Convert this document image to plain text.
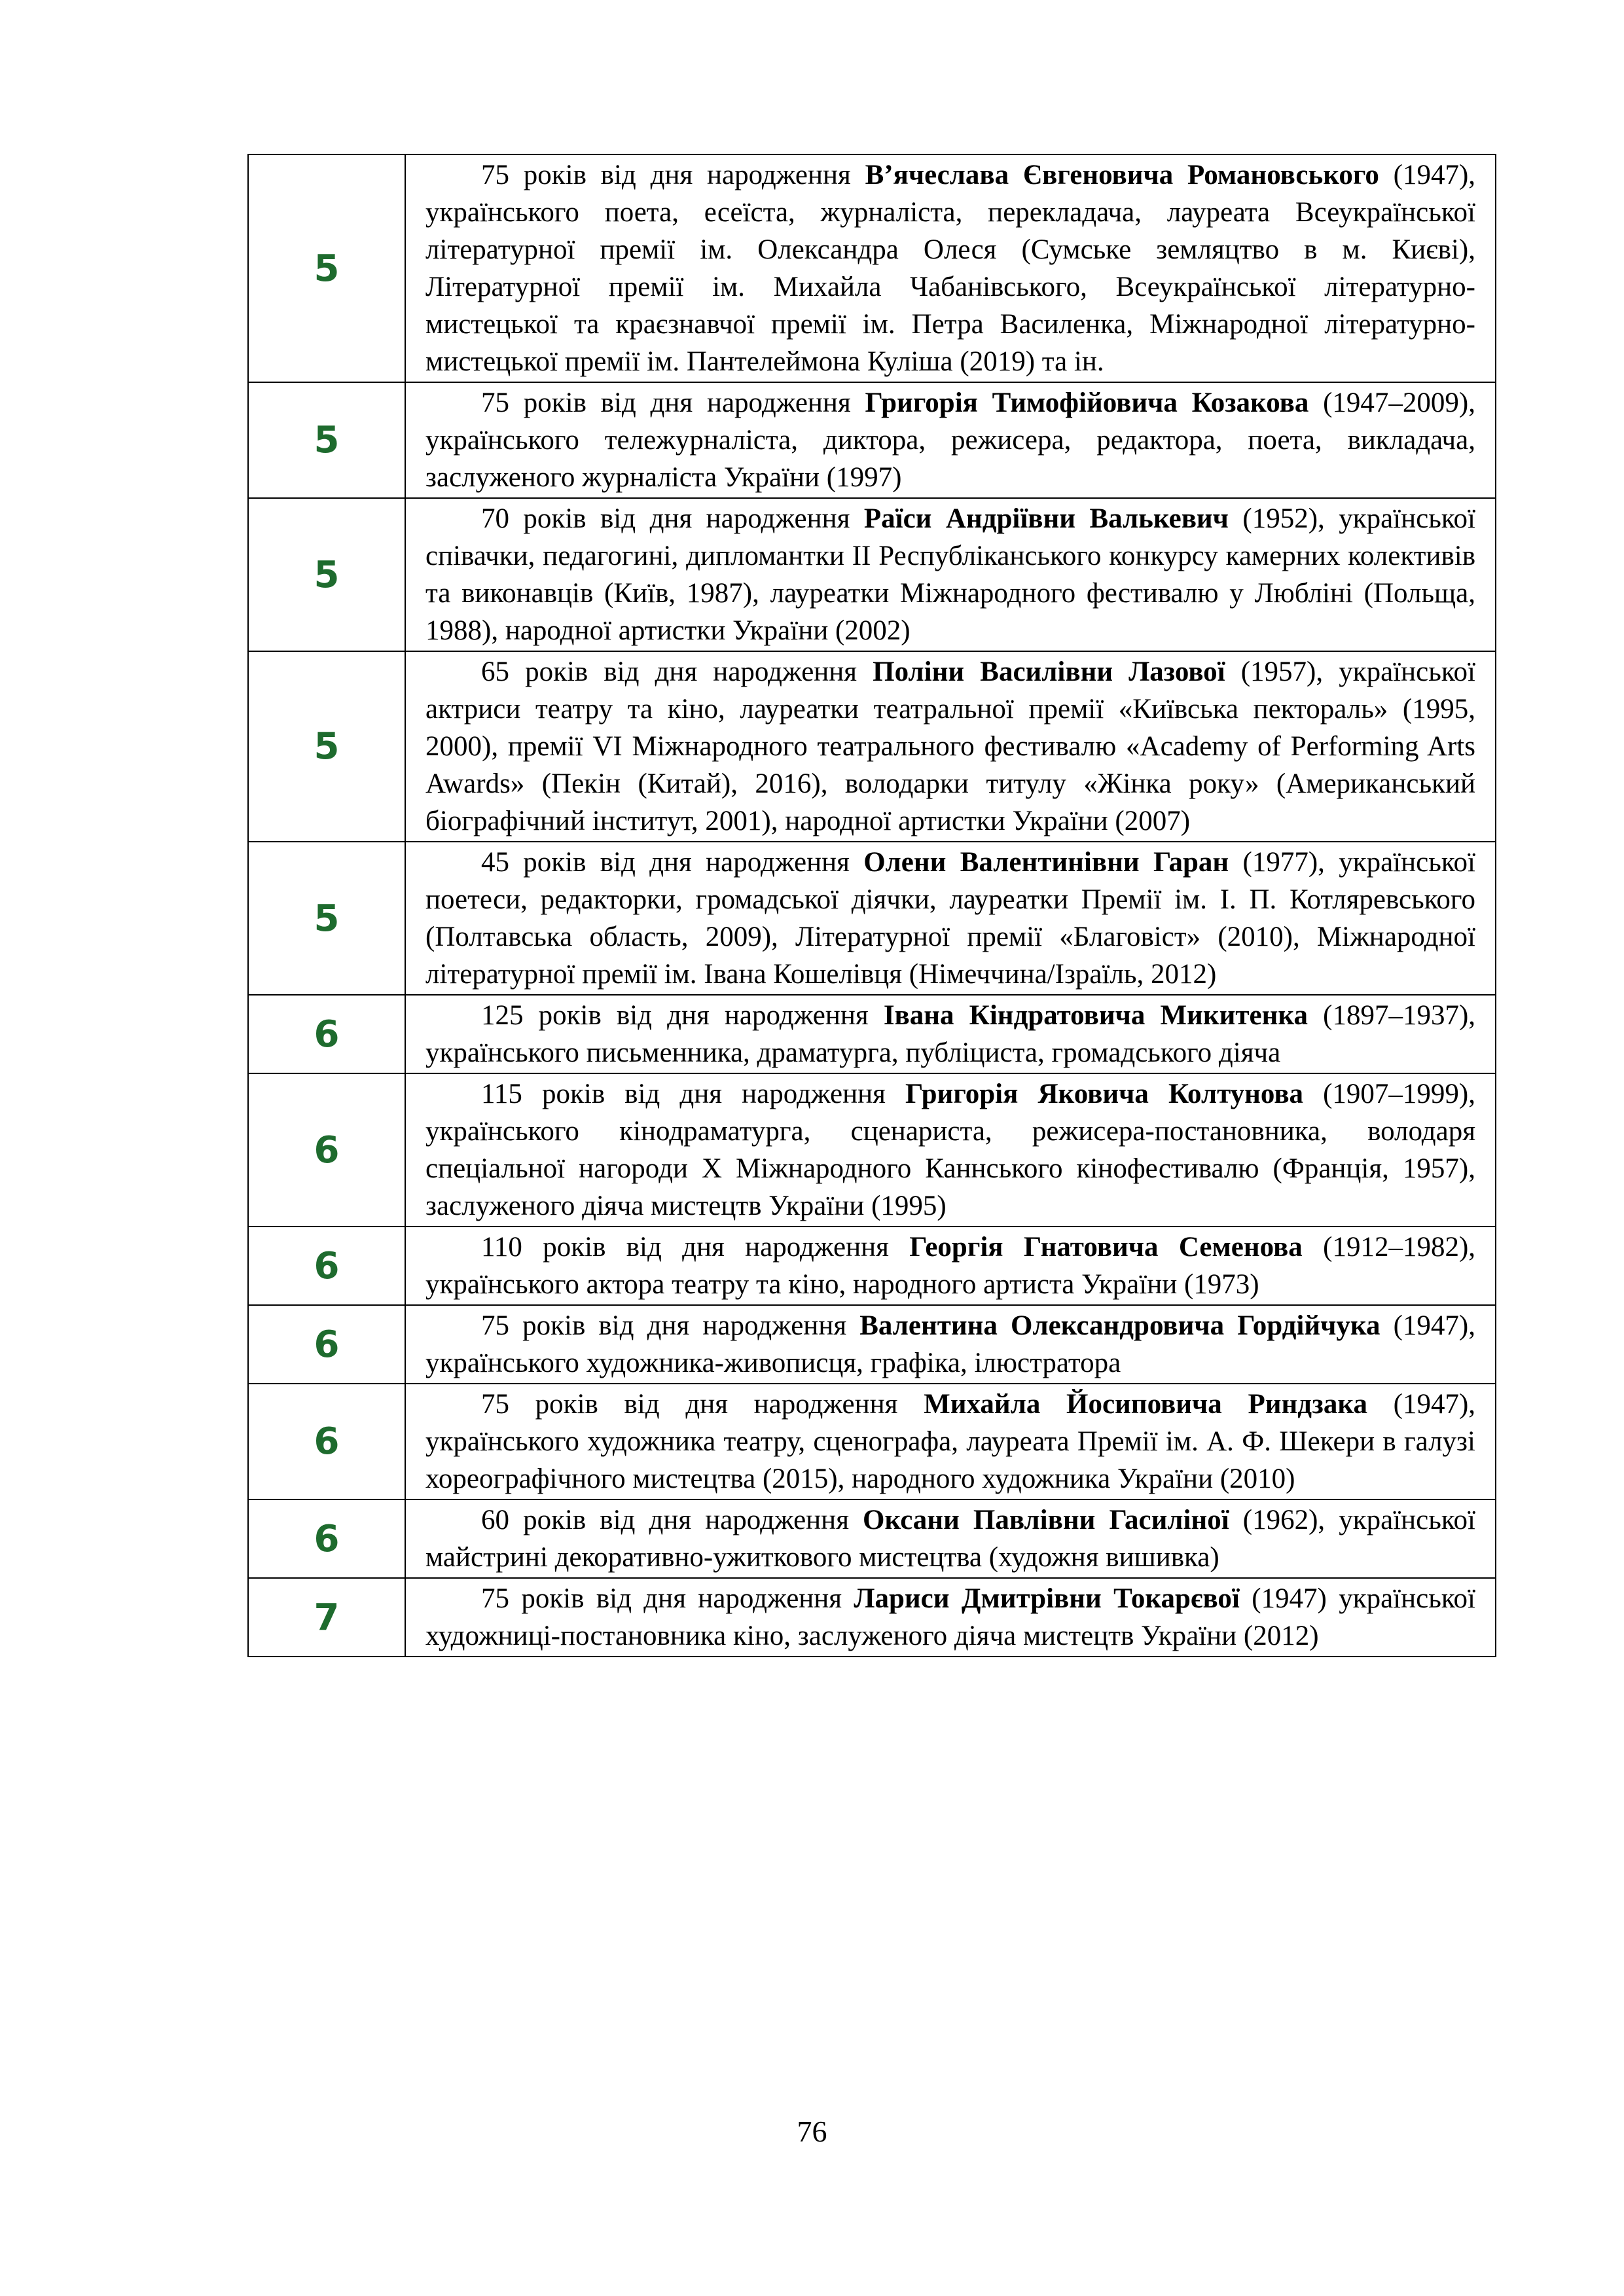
5	75 років від дня народження В’ячеслава Євгеновича Романовського (1947), українського поета, есеїста, журналіста, перекладача, лауреата Всеукраїнської літературної премії ім. Олександра Олеся (Сумське земляцтво в м. Києві), Літературної премії ім. Михайла Чабанівського, Всеукраїнської літературно-мистецької та краєзнавчої премії ім. Петра Василенка, Міжнародної літературно-мистецької премії ім. Пантелеймона Куліша (2019) та ін.

5	75 років від дня народження Григорія Тимофійовича Козакова (1947–2009), українського тележурналіста, диктора, режисера, редактора, поета, викладача, заслуженого журналіста України (1997)

5	70 років від дня народження Раїси Андріївни Валькевич (1952), української співачки, педагогині, дипломантки ІІ Республіканського конкурсу камерних колективів та виконавців (Київ, 1987), лауреатки Міжнародного фестивалю у Любліні (Польща, 1988), народної артистки України (2002)

5	65 років від дня народження Поліни Василівни Лазової (1957), української актриси театру та кіно, лауреатки театральної премії «Київська пектораль» (1995, 2000), премії VI Міжнародного театрального фестивалю «Academy of Performing Arts Awards» (Пекін (Китай), 2016), володарки титулу «Жінка року» (Американський біографічний інститут, 2001), народної артистки України (2007)

5	45 років від дня народження Олени Валентинівни Гаран (1977), української поетеси, редакторки, громадської діячки, лауреатки Премії ім. І. П. Котляревського (Полтавська область, 2009), Літературної премії «Благовіст» (2010), Міжнародної літературної премії ім. Івана Кошелівця (Німеччина/Ізраїль, 2012)

6	125 років від дня народження Івана Кіндратовича Микитенка (1897–1937), українського письменника, драматурга, публіциста, громадського діяча

6	115 років від дня народження Григорія Яковича Колтунова (1907–1999), українського кінодраматурга, сценариста, режисера-постановника, володаря спеціальної нагороди Х Міжнародного Каннського кінофестивалю (Франція, 1957), заслуженого діяча мистецтв України (1995)

6	110 років від дня народження Георгія Гнатовича Семенова (1912–1982), українського актора театру та кіно, народного артиста України (1973)

6	75 років від дня народження Валентина Олександровича Гордійчука (1947), українського художника-живописця, графіка, ілюстратора

6	75 років від дня народження Михайла Йосиповича Риндзака (1947), українського художника театру, сценографа, лауреата Премії ім. А. Ф. Шекери в галузі хореографічного мистецтва (2015), народного художника України (2010)

6	60 років від дня народження Оксани Павлівни Гасиліної (1962), української майстрині декоративно-ужиткового мистецтва (художня вишивка)

7	75 років від дня народження Лариси Дмитрівни Токарєвої (1947) української художниці-постановника кіно, заслуженого діяча мистецтв України (2012)
76
